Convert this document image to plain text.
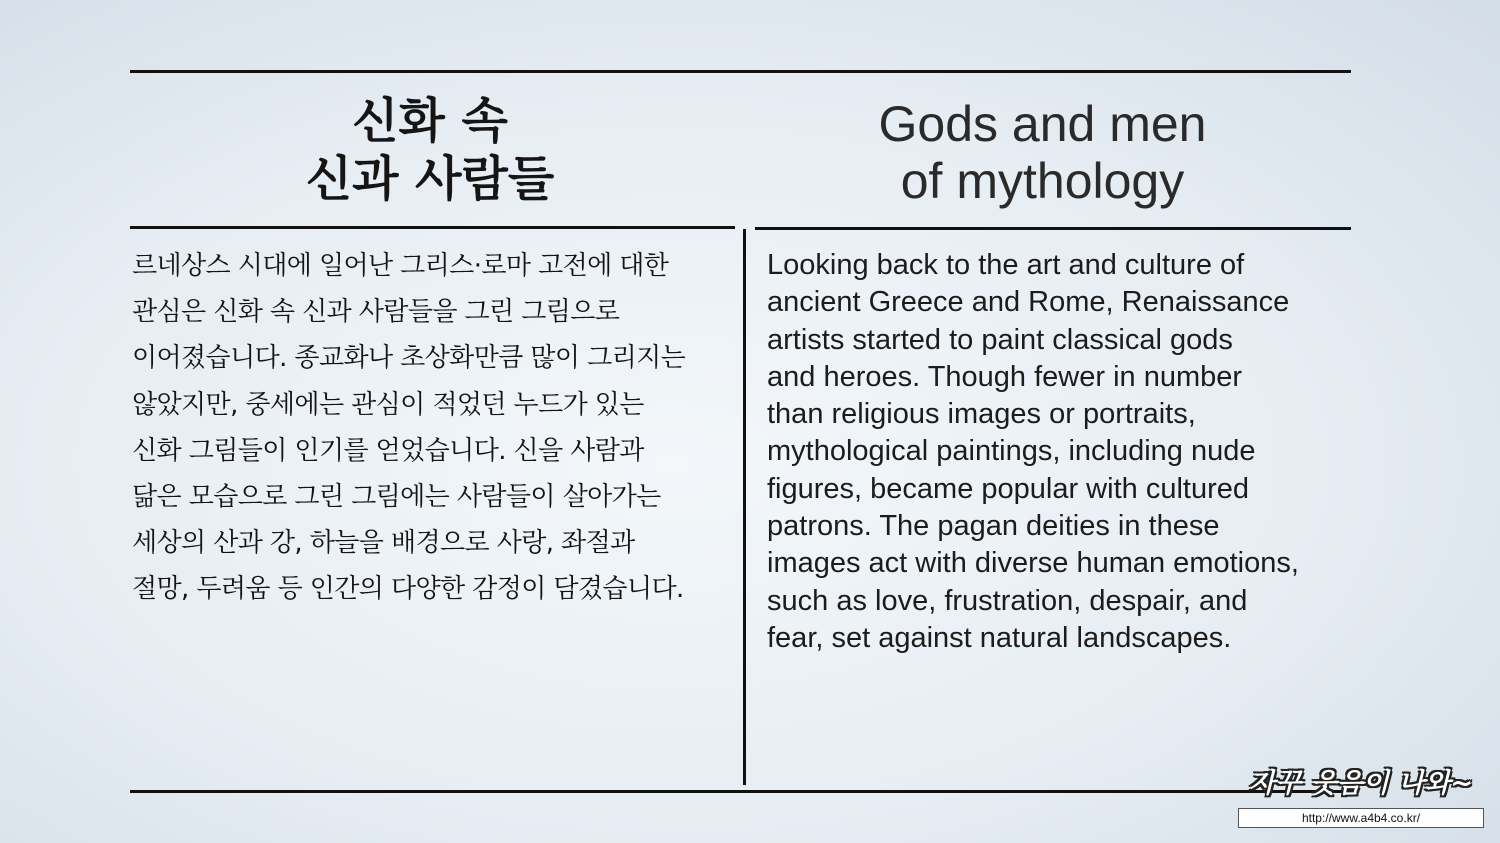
신화 속
신과 사람들
Gods and men
of mythology
르네상스 시대에 일어난 그리스·로마 고전에 대한
관심은 신화 속 신과 사람들을 그린 그림으로
이어졌습니다. 종교화나 초상화만큼 많이 그리지는
않았지만, 중세에는 관심이 적었던 누드가 있는
신화 그림들이 인기를 얻었습니다. 신을 사람과
닮은 모습으로 그린 그림에는 사람들이 살아가는
세상의 산과 강, 하늘을 배경으로 사랑, 좌절과
절망, 두려움 등 인간의 다양한 감정이 담겼습니다.
Looking back to the art and culture of
ancient Greece and Rome, Renaissance
artists started to paint classical gods
and heroes. Though fewer in number
than religious images or portraits,
mythological paintings, including nude
figures, became popular with cultured
patrons. The pagan deities in these
images act with diverse human emotions,
such as love, frustration, despair, and
fear, set against natural landscapes.
자꾸 웃음이 나와~
http://www.a4b4.co.kr/
